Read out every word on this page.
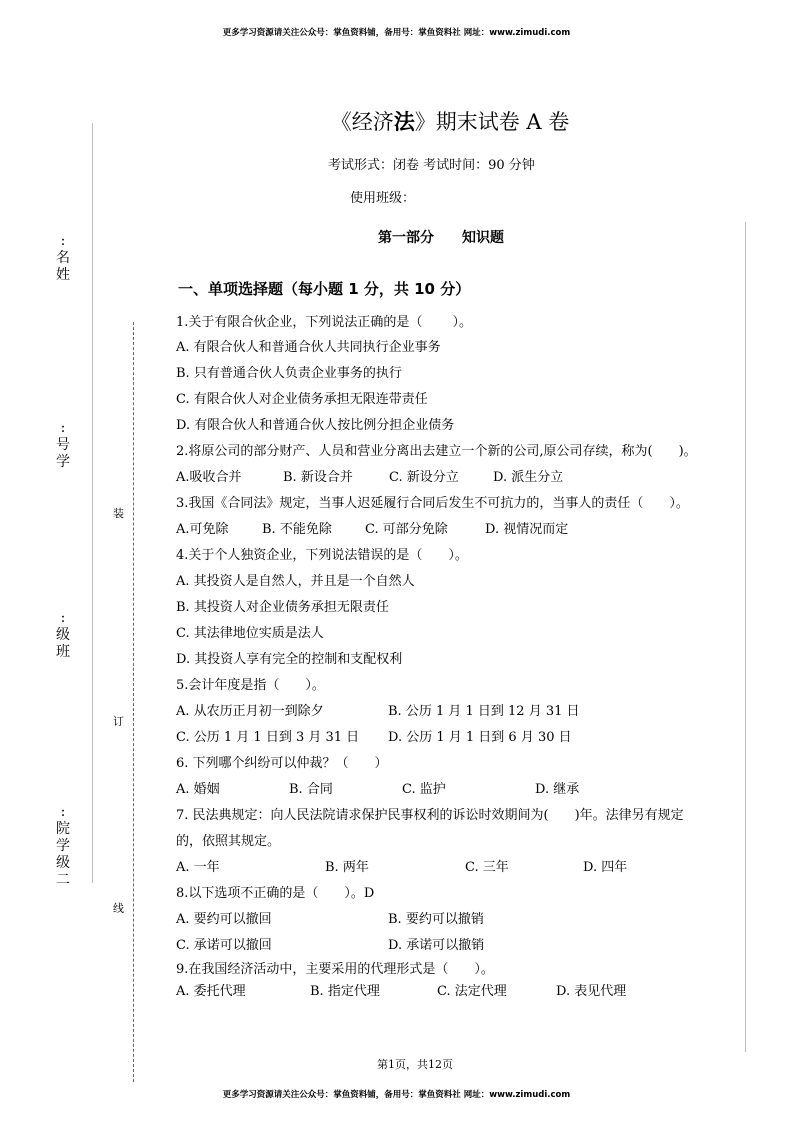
更多学习资源请关注公众号：掌鱼资料铺，备用号：掌鱼资料社 网址：www.zimudi.com
《经济法》期末试卷 A 卷
考试形式：闭卷 考试时间：90 分钟
使用班级：
:
名姓
:
号学
:
级班
:
院学级二
装
订
线
第一部分　　知识题
一、单项选择题（每小题 1 分，共 10 分）
1.关于有限合伙企业，下列说法正确的是（　　 ）。
A. 有限合伙人和普通合伙人共同执行企业事务
B. 只有普通合伙人负责企业事务的执行
C. 有限合伙人对企业债务承担无限连带责任
D. 有限合伙人和普通合伙人按比例分担企业债务
2.将原公司的部分财产、人员和营业分离出去建立一个新的公司,原公司存续，称为(　　)。
A.吸收合并	B. 新设合并	C. 新设分立	D. 派生分立
3.我国《合同法》规定，当事人迟延履行合同后发生不可抗力的，当事人的责任（　　）。
A.可免除	B. 不能免除	C. 可部分免除	D. 视情况而定
4.关于个人独资企业，下列说法错误的是（　　）。
A. 其投资人是自然人，并且是一个自然人
B. 其投资人对企业债务承担无限责任
C. 其法律地位实质是法人
D. 其投资人享有完全的控制和支配权利
5.会计年度是指（　　）。
A. 从农历正月初一到除夕	B. 公历 1 月 1 日到 12 月 31 日
C. 公历 1 月 1 日到 3 月 31 日 D. 公历 1 月 1 日到 6 月 30 日
6. 下列哪个纠纷可以仲裁？（　　）
A. 婚姻	B. 合同	C. 监护	D. 继承
7. 民法典规定：向人民法院请求保护民事权利的诉讼时效期间为(　　)年。法律另有规定
的，依照其规定。
A. 一年	B. 两年	C. 三年	D. 四年
8.以下选项不正确的是（　　）。D
A. 要约可以撤回	B. 要约可以撤销
C. 承诺可以撤回	D. 承诺可以撤销
9.在我国经济活动中，主要采用的代理形式是（　　）。
A. 委托代理	B. 指定代理	C. 法定代理	D. 表见代理
第1页，共12页
更多学习资源请关注公众号：掌鱼资料铺，备用号：掌鱼资料社 网址：www.zimudi.com
